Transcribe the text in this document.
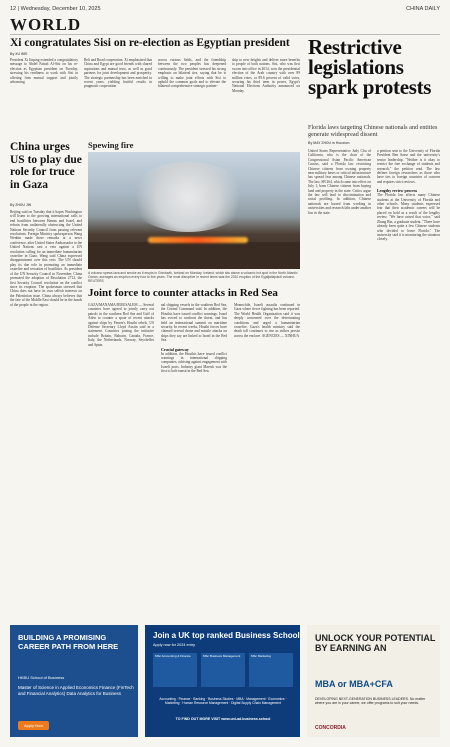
12 | Wednesday, December 10, 2025	CHINA DAILY
WORLD
Xi congratulates Sisi on re-election as Egyptian president
By XU WEI
President Xi Jinping extended a congratulatory message to Abdel Fattah Al-Sisi on his re-election as Egyptian president on Tuesday, stressing his readiness to work with Sisi in offering firm mutual support and jointly advancing
Belt and Road cooperation. Xi emphasized that China and Egypt are good friends with shared aspirations and mutual trust, as well as good partners for joint development and prosperity. The strategic partnership has been enriched in recent years, yielding fruitful results in pragmatic cooperation
across various fields, and the friendship between the two peoples has deepened continuously. The president stressed his strong emphasis on bilateral ties, saying that he is willing to make joint efforts with Sisi to uphold the common goals and to elevate the bilateral comprehensive strategic partner-
ship to new heights and deliver more benefits to people of both nations. Sisi, who was first sworn into office in 2014, won the presidential election of the Arab country with over 89 million votes, or 89.6 percent of valid votes, securing his third term in power, Egypt's National Elections Authority announced on Monday.
China urges US to play due role for truce in Gaza
By ZHOU JIN
Beijing said on Tuesday that it hopes Washington will listen to the growing international calls to end hostilities between Hamas and Israel, and refrain from unilaterally obstructing the United Nations Security Council from passing relevant resolutions. Foreign Ministry spokesperson Wang Wenbin made these remarks at a news conference, after United States Ambassador to the United Nations cast a veto against a UN resolution calling for an immediate humanitarian ceasefire in Gaza. Wang said China expressed disappointment over this veto. The UN should play its due role in promoting an immediate ceasefire and cessation of hostilities. As president of the UN Security Council in November, China promoted the adoption of Resolution 2712, the first Security Council resolution on the conflict since its eruption. The spokesman stressed that China does not have its own selfish interests on the Palestinian issue. China always believes that the fate of the Middle East should be in the hands of the people in the region.
Spewing fire
A volcano spews lava and smoke as it erupts in Grindavik, Iceland on Monday. Iceland, which sits above a volcanic hot spot in the North Atlantic Ocean, averages an eruption every four to five years. The most disruptive in recent times was the 2010 eruption of the Eyjafjallajokull volcano. REUTERS
Joint force to counter attacks in Red Sea
GAZA/MANAMA/JERUSALEM — Several countries have agreed to jointly carry out patrols in the southern Red Sea and Gulf of Aden to counter a spate of recent attacks against ships by Yemen's Houthi rebels, US Defense Secretary Lloyd Austin said in a statement. Countries joining the initiative include Britain, Bahrain, Canada, France, Italy, the Netherlands, Norway, Seychelles and Spain.
nal shipping vessels in the southern Red Sea, the Central Command said. In addition, the Houthis have issued conflict warnings. Israel has vowed to confront the threat, and has held an international summit on maritime security. In recent weeks, Houthi forces have claimed several drone and missile attacks on ships they say are linked to Israel in the Red Sea.
Crucial gateway
In addition, the Houthis have issued conflict warnings in international shipping companies, advising against engagement with Israeli ports. Industry giant Maersk was the first to halt transit in the Red Sea.
Meanwhile, Israeli assaults continued in Gaza where fierce fighting has been reported. The World Health Organization said it was deeply concerned over the deteriorating conditions and urged a humanitarian ceasefire. Gaza's health ministry said the death toll continues to rise as strikes persist across the enclave. AGENCIES — XINHUA
Restrictive legislations spark protests
Florida laws targeting Chinese nationals and entities generate widespread dissent
By MAY ZHOU in Houston
United States Representative Judy Chu of California, who is the chair of the Congressional Asian Pacific American Caucus, said a Florida law restricting Chinese citizens from owning property near military bases or critical infrastructure has spread fear among Chinese nationals. The law, SB 264, which came into effect on July 1, bans Chinese citizens from buying land and property in the state. Critics argue the law will lead to discrimination and racial profiling. In addition, Chinese nationals are barred from working in universities and research labs under another law in the state.
a petition sent to the University of Florida President Ben Sasse and the university's senior leadership. "Neither is it okay to restrict the free exchange of students and research," the petition read. The law defines foreign researchers as those who have ties to foreign countries of concern and requires strict reviews.
Lengthy review process
The Florida law affects many Chinese students at the University of Florida and other schools. Many students expressed fear that their academic careers will be placed on hold as a result of the lengthy review. "We have raised that voice," said Zhang Bin, a graduate student. "There have already been quite a few Chinese students who decided to leave Florida." The university said it is monitoring the situation closely.
BUILDING A PROMISING CAREER PATH FROM HERE
HKBU School of Business
Master of Science in Applied Economics Finance (FinTech and Financial Analytics) Data Analytics for Business
Apply Now
Join a UK top ranked Business School
Apply now for 2024 entry
MSc Accounting & Finance	MSc Business Management	MSc Marketing
Accounting · Finance · Banking · Business Studies · MBA · Management · Economics · Marketing · Human Resource Management · Digital Supply Chain Management
TO FIND OUT MORE VISIT www.uni-ad.business.school
UNLOCK YOUR POTENTIAL BY EARNING AN
MBA or MBA+CFA
DEVELOPING NEXT-GENERATION BUSINESS LEADERS. No matter where you are in your career, we offer programs to suit your needs.
CONCORDIA
